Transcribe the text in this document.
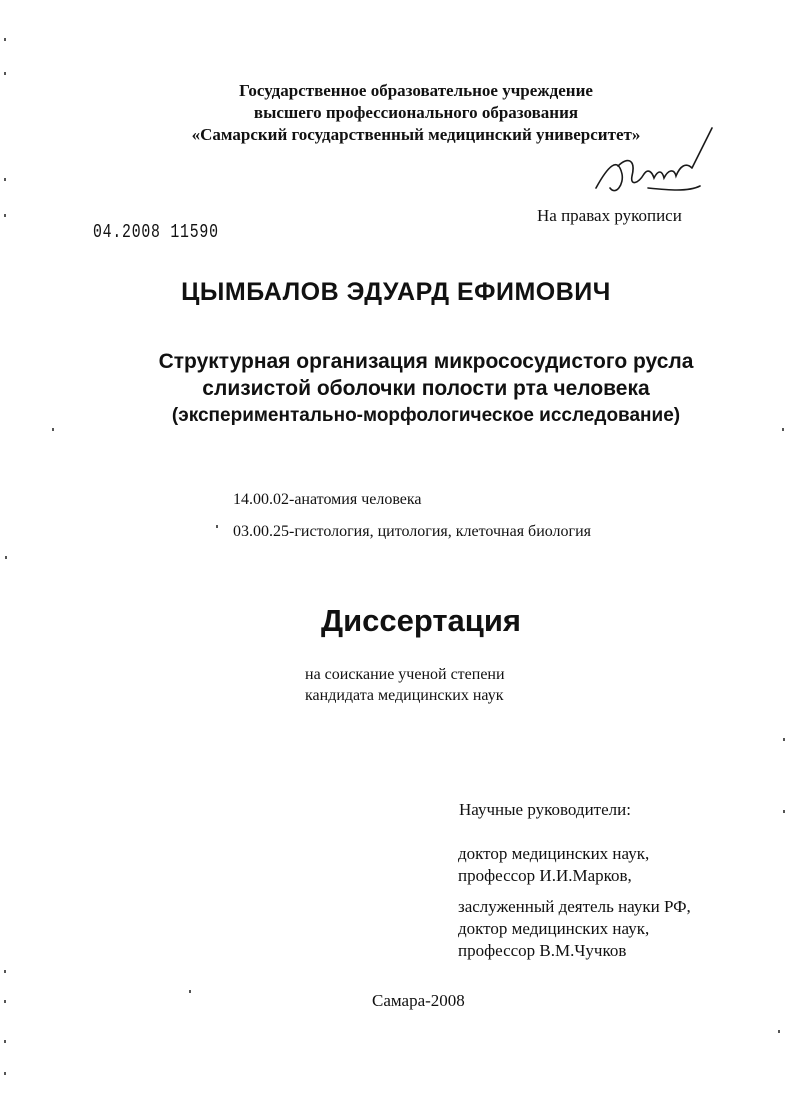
Государственное образовательное учреждение
высшего профессионального образования
«Самарский государственный медицинский университет»
На правах рукописи
04.2008 11590
ЦЫМБАЛОВ ЭДУАРД ЕФИМОВИЧ
Структурная организация микрососудистого русла
слизистой оболочки полости рта человека
(экспериментально-морфологическое исследование)
14.00.02-анатомия человека
03.00.25-гистология, цитология, клеточная биология
Диссертация
на соискание ученой степени
кандидата медицинских наук
Научные руководители:
доктор медицинских наук,
профессор И.И.Марков,
заслуженный деятель науки РФ,
доктор медицинских наук,
профессор В.М.Чучков
Самара-2008
